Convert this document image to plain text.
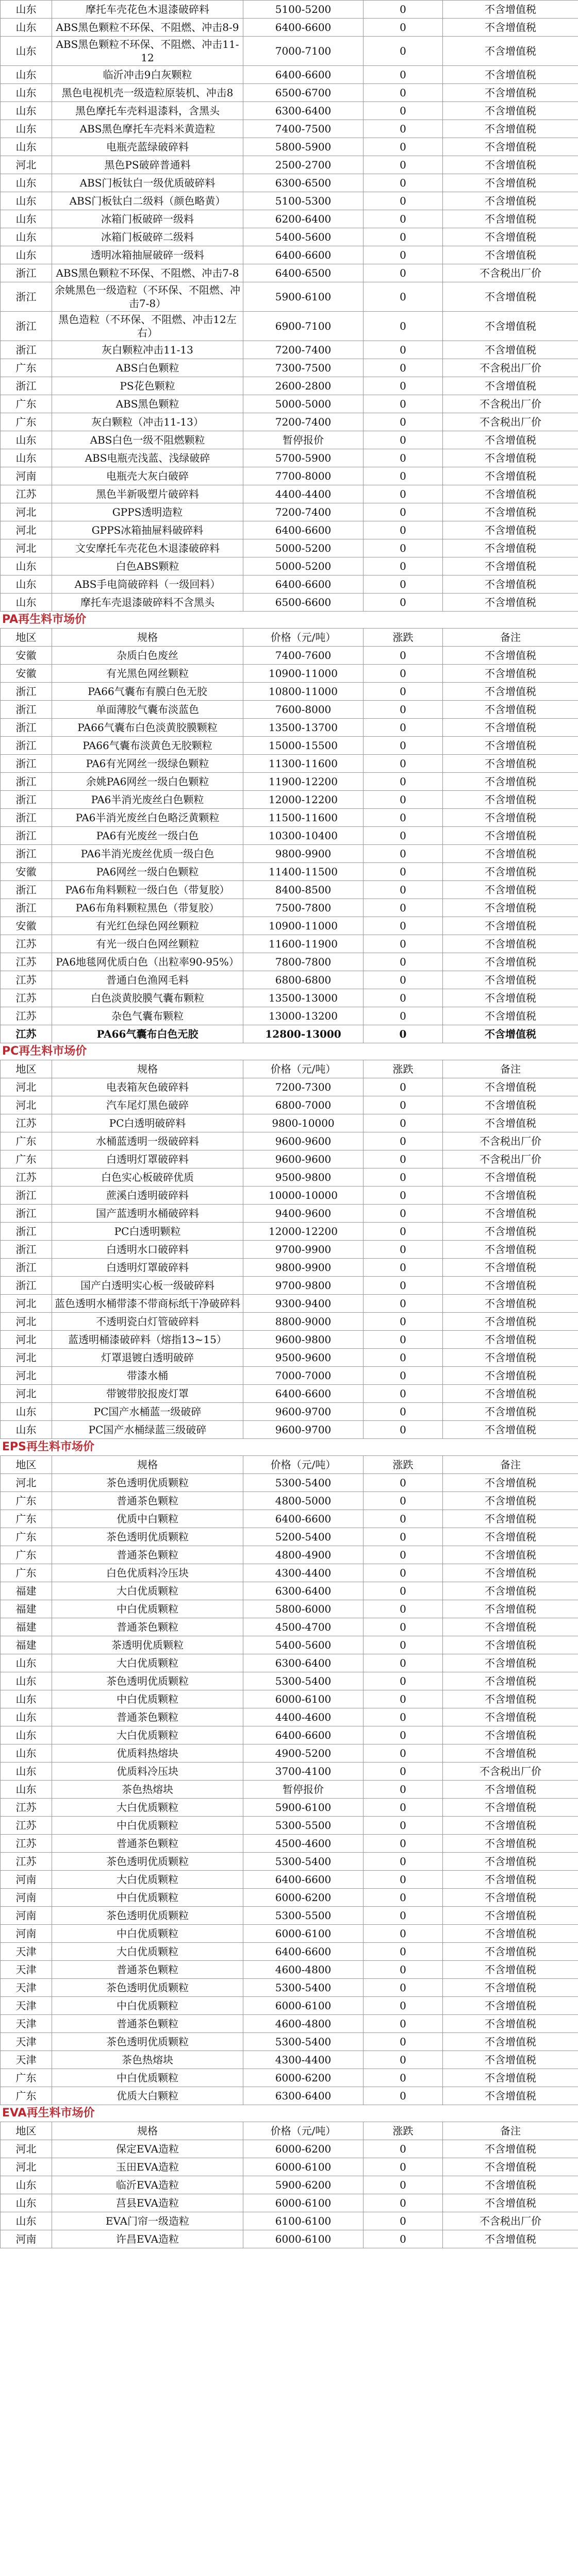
山东	摩托车壳花色木退漆破碎料	5100-5200	0	不含增值税
山东	ABS黑色颗粒不环保、不阻燃、冲击8-9	6400-6600	0	不含增值税
山东	ABS黑色颗粒不环保、不阻燃、冲击11-12	7000-7100	0	不含增值税
山东	临沂冲击9白灰颗粒	6400-6600	0	不含增值税
山东	黑色电视机壳一级造粒原装机、冲击8	6500-6700	0	不含增值税
山东	黑色摩托车壳料退漆料，含黑头	6300-6400	0	不含增值税
山东	ABS黑色摩托车壳料米黄造粒	7400-7500	0	不含增值税
山东	电瓶壳蓝绿破碎料	5800-5900	0	不含增值税
河北	黑色PS破碎普通料	2500-2700	0	不含增值税
山东	ABS门板钛白一级优质破碎料	6300-6500	0	不含增值税
山东	ABS门板钛白二级料（颜色略黄）	5100-5300	0	不含增值税
山东	冰箱门板破碎一级料	6200-6400	0	不含增值税
山东	冰箱门板破碎二级料	5400-5600	0	不含增值税
山东	透明冰箱抽屉破碎一级料	6400-6600	0	不含增值税
浙江	ABS黑色颗粒不环保、不阻燃、冲击7-8	6400-6500	0	不含税出厂价
浙江	余姚黑色一级造粒（不环保、不阻燃、冲击7-8）	5900-6100	0	不含增值税
浙江	黑色造粒（不环保、不阻燃、冲击12左右）	6900-7100	0	不含增值税
浙江	灰白颗粒冲击11-13	7200-7400	0	不含增值税
广东	ABS白色颗粒	7300-7500	0	不含税出厂价
浙江	PS花色颗粒	2600-2800	0	不含增值税
广东	ABS黑色颗粒	5000-5000	0	不含税出厂价
广东	灰白颗粒（冲击11-13）	7200-7400	0	不含税出厂价
山东	ABS白色一级不阻燃颗粒	暂停报价	0	不含增值税
山东	ABS电瓶壳浅蓝、浅绿破碎	5700-5900	0	不含增值税
河南	电瓶壳大灰白破碎	7700-8000	0	不含增值税
江苏	黑色半新吸塑片破碎料	4400-4400	0	不含增值税
河北	GPPS透明造粒	7200-7400	0	不含增值税
河北	GPPS冰箱抽屉料破碎料	6400-6600	0	不含增值税
河北	文安摩托车壳花色木退漆破碎料	5000-5200	0	不含增值税
山东	白色ABS颗粒	5000-5200	0	不含增值税
山东	ABS手电筒破碎料（一级回料）	6400-6600	0	不含增值税
山东	摩托车壳退漆破碎料不含黑头	6500-6600	0	不含增值税
PA再生料市场价
地区	规格	价格（元/吨）	涨跌	备注
安徽	杂质白色废丝	7400-7600	0	不含增值税
安徽	有光黑色网丝颗粒	10900-11000	0	不含增值税
浙江	PA66气囊布有膜白色无胶	10800-11000	0	不含增值税
浙江	单面薄胶气囊布淡蓝色	7600-8000	0	不含增值税
浙江	PA66气囊布白色淡黄胶膜颗粒	13500-13700	0	不含增值税
浙江	PA66气囊布淡黄色无胶颗粒	15000-15500	0	不含增值税
浙江	PA6有光网丝一级绿色颗粒	11300-11600	0	不含增值税
浙江	余姚PA6网丝一级白色颗粒	11900-12200	0	不含增值税
浙江	PA6半消光废丝白色颗粒	12000-12200	0	不含增值税
浙江	PA6半消光废丝白色略泛黄颗粒	11500-11600	0	不含增值税
浙江	PA6有光废丝一级白色	10300-10400	0	不含增值税
浙江	PA6半消光废丝优质一级白色	9800-9900	0	不含增值税
安徽	PA6网丝一级白色颗粒	11400-11500	0	不含增值税
浙江	PA6布角料颗粒一级白色（带复胶）	8400-8500	0	不含增值税
浙江	PA6布角料颗粒黑色（带复胶）	7500-7800	0	不含增值税
安徽	有光红色绿色网丝颗粒	10900-11000	0	不含增值税
江苏	有光一级白色网丝颗粒	11600-11900	0	不含增值税
江苏	PA6地毯网优质白色（出粒率90-95%）	7800-7800	0	不含增值税
江苏	普通白色渔网毛料	6800-6800	0	不含增值税
江苏	白色淡黄胶膜气囊布颗粒	13500-13000	0	不含增值税
江苏	杂色气囊布颗粒	13000-13200	0	不含增值税
江苏	PA66气囊布白色无胶	12800-13000	0	不含增值税
PC再生料市场价
地区	规格	价格（元/吨）	涨跌	备注
河北	电表箱灰色破碎料	7200-7300	0	不含增值税
河北	汽车尾灯黑色破碎	6800-7000	0	不含增值税
江苏	PC白透明破碎料	9800-10000	0	不含增值税
广东	水桶蓝透明一级破碎料	9600-9600	0	不含税出厂价
广东	白透明灯罩破碎料	9600-9600	0	不含税出厂价
江苏	白色实心板破碎优质	9500-9800	0	不含增值税
浙江	蔗溪白透明破碎料	10000-10000	0	不含增值税
浙江	国产蓝透明水桶破碎料	9400-9600	0	不含增值税
浙江	PC白透明颗粒	12000-12200	0	不含增值税
浙江	白透明水口破碎料	9700-9900	0	不含增值税
浙江	白透明灯罩破碎料	9800-9900	0	不含增值税
浙江	国产白透明实心板一级破碎料	9700-9800	0	不含增值税
河北	蓝色透明水桶带漆不带商标纸干净破碎料	9300-9400	0	不含增值税
河北	不透明瓷白灯管破碎料	8800-9000	0	不含增值税
河北	蓝透明桶漆破碎料（熔指13~15）	9600-9800	0	不含增值税
河北	灯罩退镀白透明破碎	9500-9600	0	不含增值税
河北	带漆水桶	7000-7000	0	不含增值税
河北	带镀带胶报废灯罩	6400-6600	0	不含增值税
山东	PC国产水桶蓝一级破碎	9600-9700	0	不含增值税
山东	PC国产水桶绿蓝三级破碎	9600-9700	0	不含增值税
EPS再生料市场价
地区	规格	价格（元/吨）	涨跌	备注
河北	茶色透明优质颗粒	5300-5400	0	不含增值税
广东	普通茶色颗粒	4800-5000	0	不含增值税
广东	优质中白颗粒	6400-6600	0	不含增值税
广东	茶色透明优质颗粒	5200-5400	0	不含增值税
广东	普通茶色颗粒	4800-4900	0	不含增值税
广东	白色优质料冷压块	4300-4400	0	不含增值税
福建	大白优质颗粒	6300-6400	0	不含增值税
福建	中白优质颗粒	5800-6000	0	不含增值税
福建	普通茶色颗粒	4500-4700	0	不含增值税
福建	茶透明优质颗粒	5400-5600	0	不含增值税
山东	大白优质颗粒	6300-6400	0	不含增值税
山东	茶色透明优质颗粒	5300-5400	0	不含增值税
山东	中白优质颗粒	6000-6100	0	不含增值税
山东	普通茶色颗粒	4400-4600	0	不含增值税
山东	大白优质颗粒	6400-6600	0	不含增值税
山东	优质料热熔块	4900-5200	0	不含增值税
山东	优质料冷压块	3700-4100	0	不含税出厂价
山东	茶色热熔块	暂停报价	0	不含增值税
江苏	大白优质颗粒	5900-6100	0	不含增值税
江苏	中白优质颗粒	5300-5500	0	不含增值税
江苏	普通茶色颗粒	4500-4600	0	不含增值税
江苏	茶色透明优质颗粒	5300-5400	0	不含增值税
河南	大白优质颗粒	6400-6600	0	不含增值税
河南	中白优质颗粒	6000-6200	0	不含增值税
河南	茶色透明优质颗粒	5300-5500	0	不含增值税
河南	中白优质颗粒	6000-6100	0	不含增值税
天津	大白优质颗粒	6400-6600	0	不含增值税
天津	普通茶色颗粒	4600-4800	0	不含增值税
天津	茶色透明优质颗粒	5300-5400	0	不含增值税
天津	中白优质颗粒	6000-6100	0	不含增值税
天津	普通茶色颗粒	4600-4800	0	不含增值税
天津	茶色透明优质颗粒	5300-5400	0	不含增值税
天津	茶色热熔块	4300-4400	0	不含增值税
广东	中白优质颗粒	6000-6200	0	不含增值税
广东	优质大白颗粒	6300-6400	0	不含增值税
EVA再生料市场价
地区	规格	价格（元/吨）	涨跌	备注
河北	保定EVA造粒	6000-6200	0	不含增值税
河北	玉田EVA造粒	6000-6100	0	不含增值税
山东	临沂EVA造粒	5900-6200	0	不含增值税
山东	莒县EVA造粒	6000-6100	0	不含增值税
山东	EVA门帘一级造粒	6100-6100	0	不含税出厂价
河南	许昌EVA造粒	6000-6100	0	不含增值税
